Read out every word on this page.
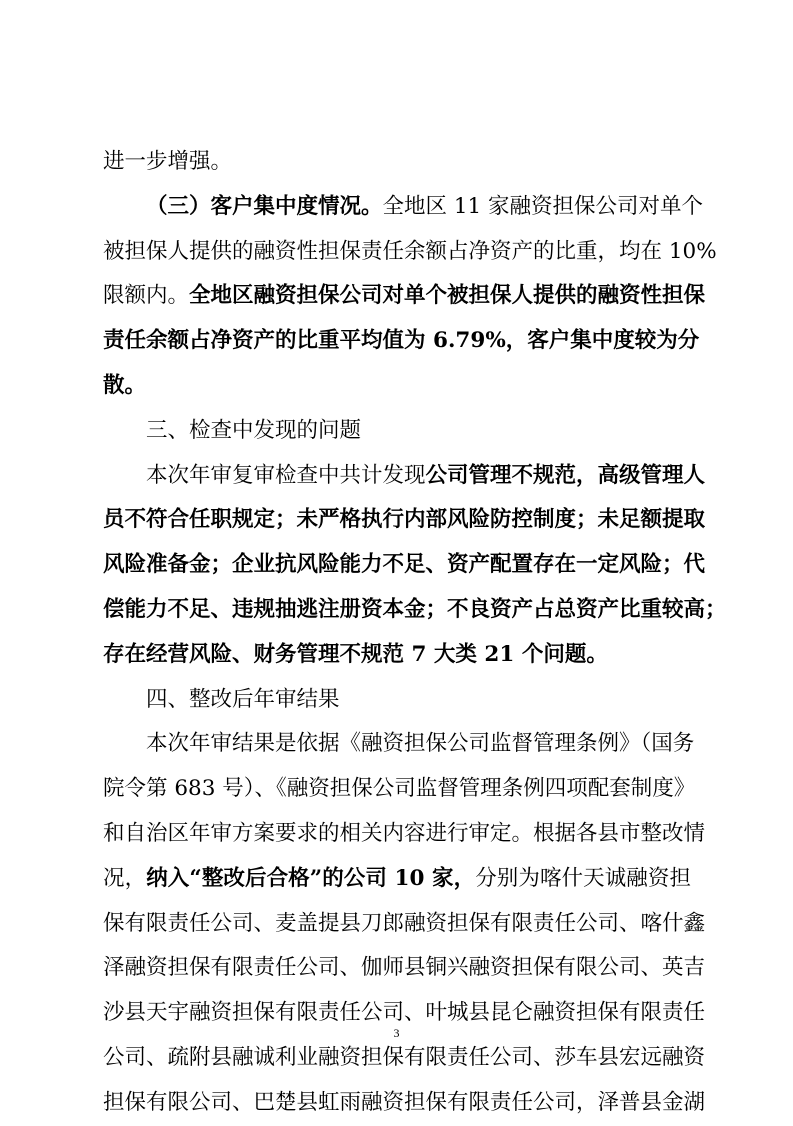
进一步增强。
（三）客户集中度情况。全地区 11 家融资担保公司对单个
被担保人提供的融资性担保责任余额占净资产的比重，均在 10%
限额内。全地区融资担保公司对单个被担保人提供的融资性担保
责任余额占净资产的比重平均值为 6.79%，客户集中度较为分
散。
三、检查中发现的问题
本次年审复审检查中共计发现公司管理不规范，高级管理人
员不符合任职规定；未严格执行内部风险防控制度；未足额提取
风险准备金；企业抗风险能力不足、资产配置存在一定风险；代
偿能力不足、违规抽逃注册资本金；不良资产占总资产比重较高；
存在经营风险、财务管理不规范 7 大类 21 个问题。
四、整改后年审结果
本次年审结果是依据《融资担保公司监督管理条例》（国务
院令第 683 号）、《融资担保公司监督管理条例四项配套制度》
和自治区年审方案要求的相关内容进行审定。根据各县市整改情
况，纳入“整改后合格”的公司 10 家，分别为喀什天诚融资担
保有限责任公司、麦盖提县刀郎融资担保有限责任公司、喀什鑫
泽融资担保有限责任公司、伽师县铜兴融资担保有限公司、英吉
沙县天宇融资担保有限责任公司、叶城县昆仑融资担保有限责任
公司、疏附县融诚利业融资担保有限责任公司、莎车县宏远融资
担保有限公司、巴楚县虹雨融资担保有限责任公司，泽普县金湖
3
